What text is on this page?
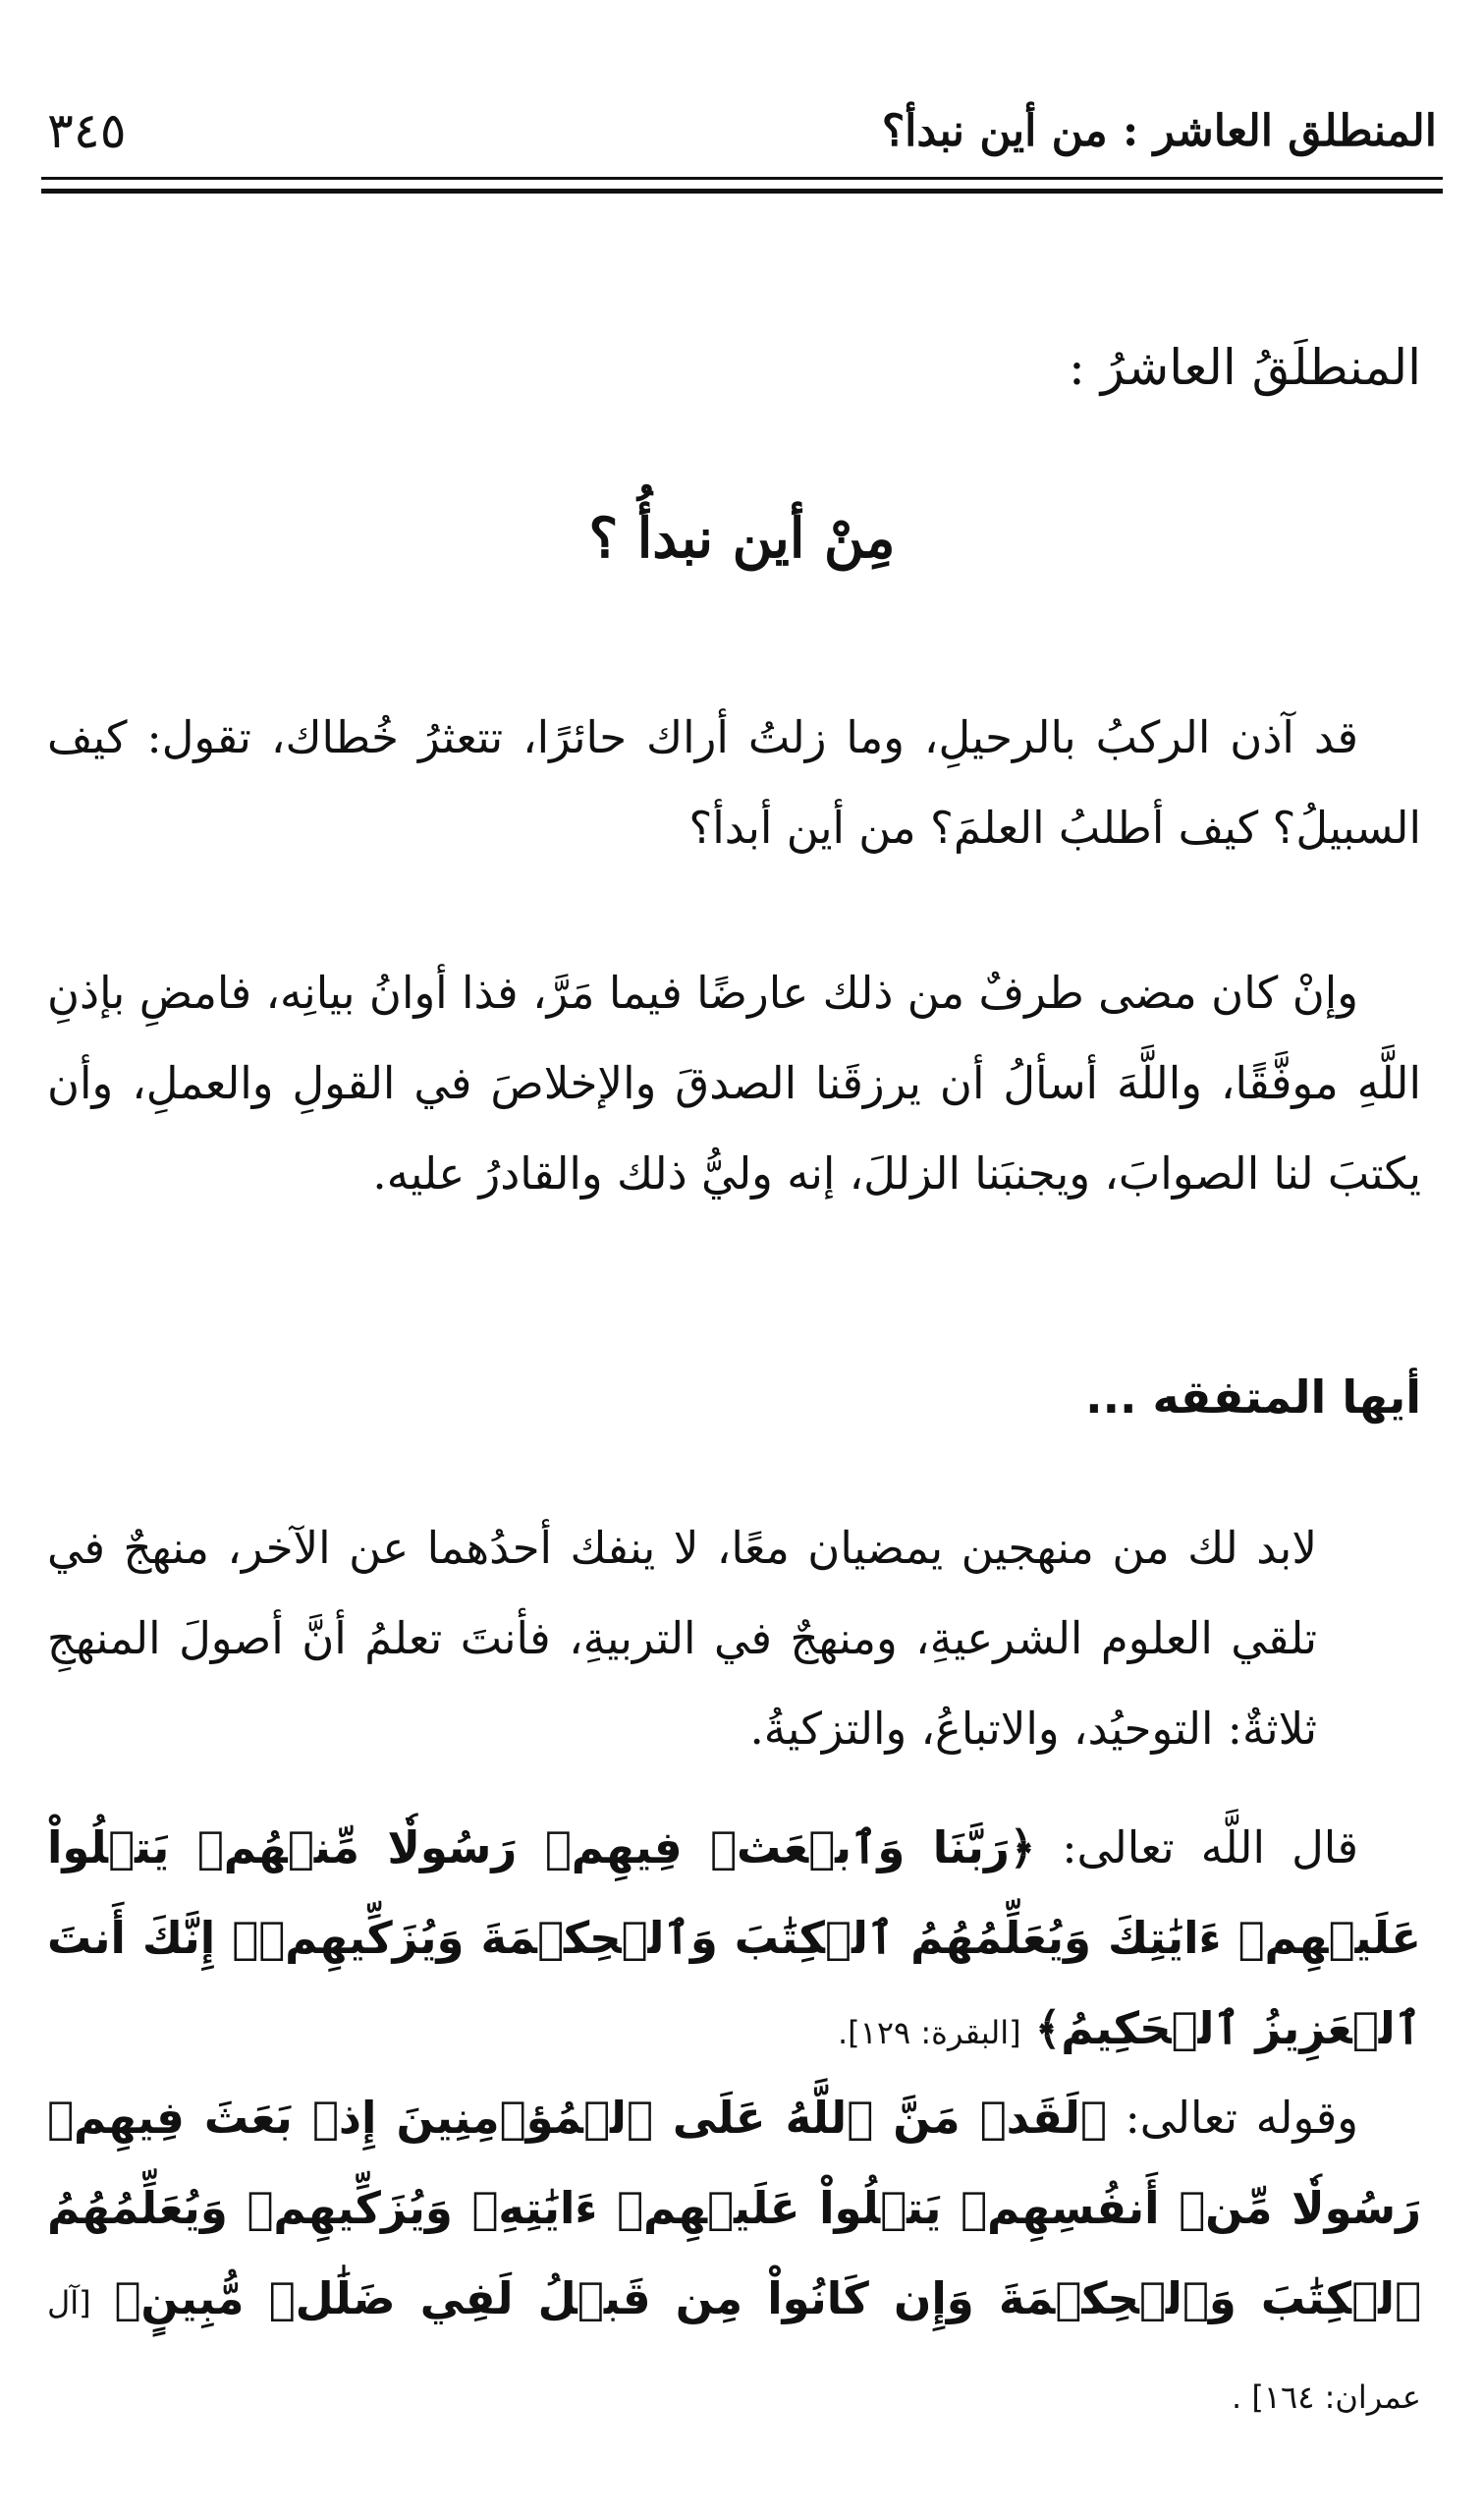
المنطلق العاشر : من أين نبدأ؟
٣٤٥
المنطلَقُ العاشرُ :
مِنْ أين نبدأُ ؟

قد آذن الركبُ بالرحيلِ، وما زلتُ أراك حائرًا، تتعثرُ خُطاك، تقول: كيف السبيلُ؟ كيف أطلبُ العلمَ؟ من أين أبدأ؟

وإنْ كان مضى طرفٌ من ذلك عارضًا فيما مَرَّ، فذا أوانُ بيانِه، فامضِ بإذنِ اللَّهِ موفَّقًا، واللَّهَ أسألُ أن يرزقَنا الصدقَ والإخلاصَ في القولِ والعملِ، وأن يكتبَ لنا الصوابَ، ويجنبَنا الزللَ، إنه وليُّ ذلك والقادرُ عليه.

أيها المتفقه ...

لابد لك من منهجين يمضيان معًا، لا ينفك أحدُهما عن الآخر، منهجٌ في تلقي العلوم الشرعيةِ، ومنهجٌ في التربيةِ، فأنتَ تعلمُ أنَّ أصولَ المنهجِ ثلاثةٌ: التوحيُد، والاتباعُ، والتزكيةُ.

قال اللَّه تعالى: ﴿رَبَّنَا وَٱبۡعَثۡ فِيهِمۡ رَسُولٗا مِّنۡهُمۡ يَتۡلُواْ عَلَيۡهِمۡ ءَايَٰتِكَ وَيُعَلِّمُهُمُ ٱلۡكِتَٰبَ وَٱلۡحِكۡمَةَ وَيُزَكِّيهِمۡۖ إِنَّكَ أَنتَ ٱلۡعَزِيزُ ٱلۡحَكِيمُ﴾ [البقرة: ١٢٩].

وقوله تعالى: ﴿لَقَدۡ مَنَّ ٱللَّهُ عَلَى ٱلۡمُؤۡمِنِينَ إِذۡ بَعَثَ فِيهِمۡ رَسُولٗا مِّنۡ أَنفُسِهِمۡ يَتۡلُواْ عَلَيۡهِمۡ ءَايَٰتِهِۦ وَيُزَكِّيهِمۡ وَيُعَلِّمُهُمُ ٱلۡكِتَٰبَ وَٱلۡحِكۡمَةَ وَإِن كَانُواْ مِن قَبۡلُ لَفِي ضَلَٰلٖ مُّبِينٍ﴾ [آل عمران: ١٦٤] .
